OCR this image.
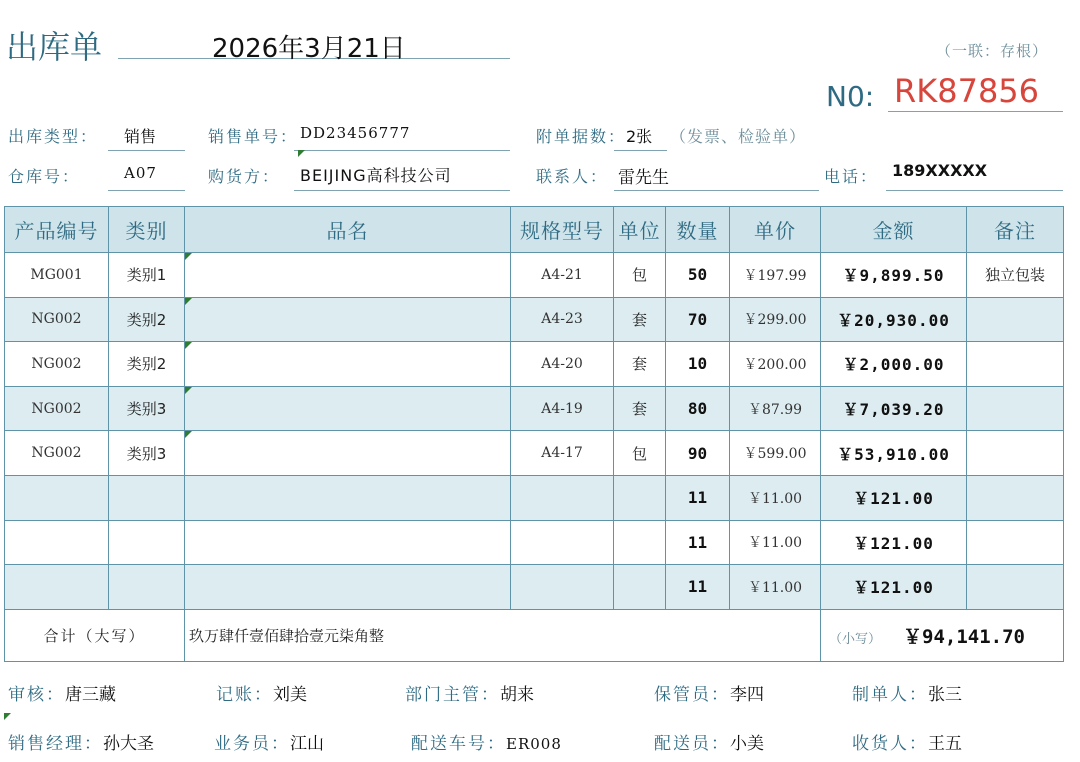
出库单	2026年3月21日	（一联：存根）
N0: RK87856
出库类型： 销售	销售单号： DD23456777	附单据数： 2张 （发票、检验单）
仓库号：	A07	购货方： BEIJING高科技公司	联系人： 雷先生	电话： 189XXXXX
产品编号	类别	品名	规格型号	单位	数量	单价	金额	备注
MG001	类别1		A4-21	包	50	￥197.99	￥9,899.50	独立包装
NG002	类别2		A4-23	套	70	￥299.00	￥20,930.00	
NG002	类别2		A4-20	套	10	￥200.00	￥2,000.00	
NG002	类别3		A4-19	套	80	￥87.99	￥7,039.20	
NG002	类别3		A4-17	包	90	￥599.00	￥53,910.00	
					11	￥11.00	￥121.00	
					11	￥11.00	￥121.00	
					11	￥11.00	￥121.00	
合计（大写）		玖万肆仟壹佰肆拾壹元柒角整					（小写） ￥94,141.70	
审核：唐三藏	记账：刘美	部门主管：胡来	保管员：李四	制单人：张三
销售经理：孙大圣	业务员：江山	配送车号：ER008	配送员：小美	收货人：王五
